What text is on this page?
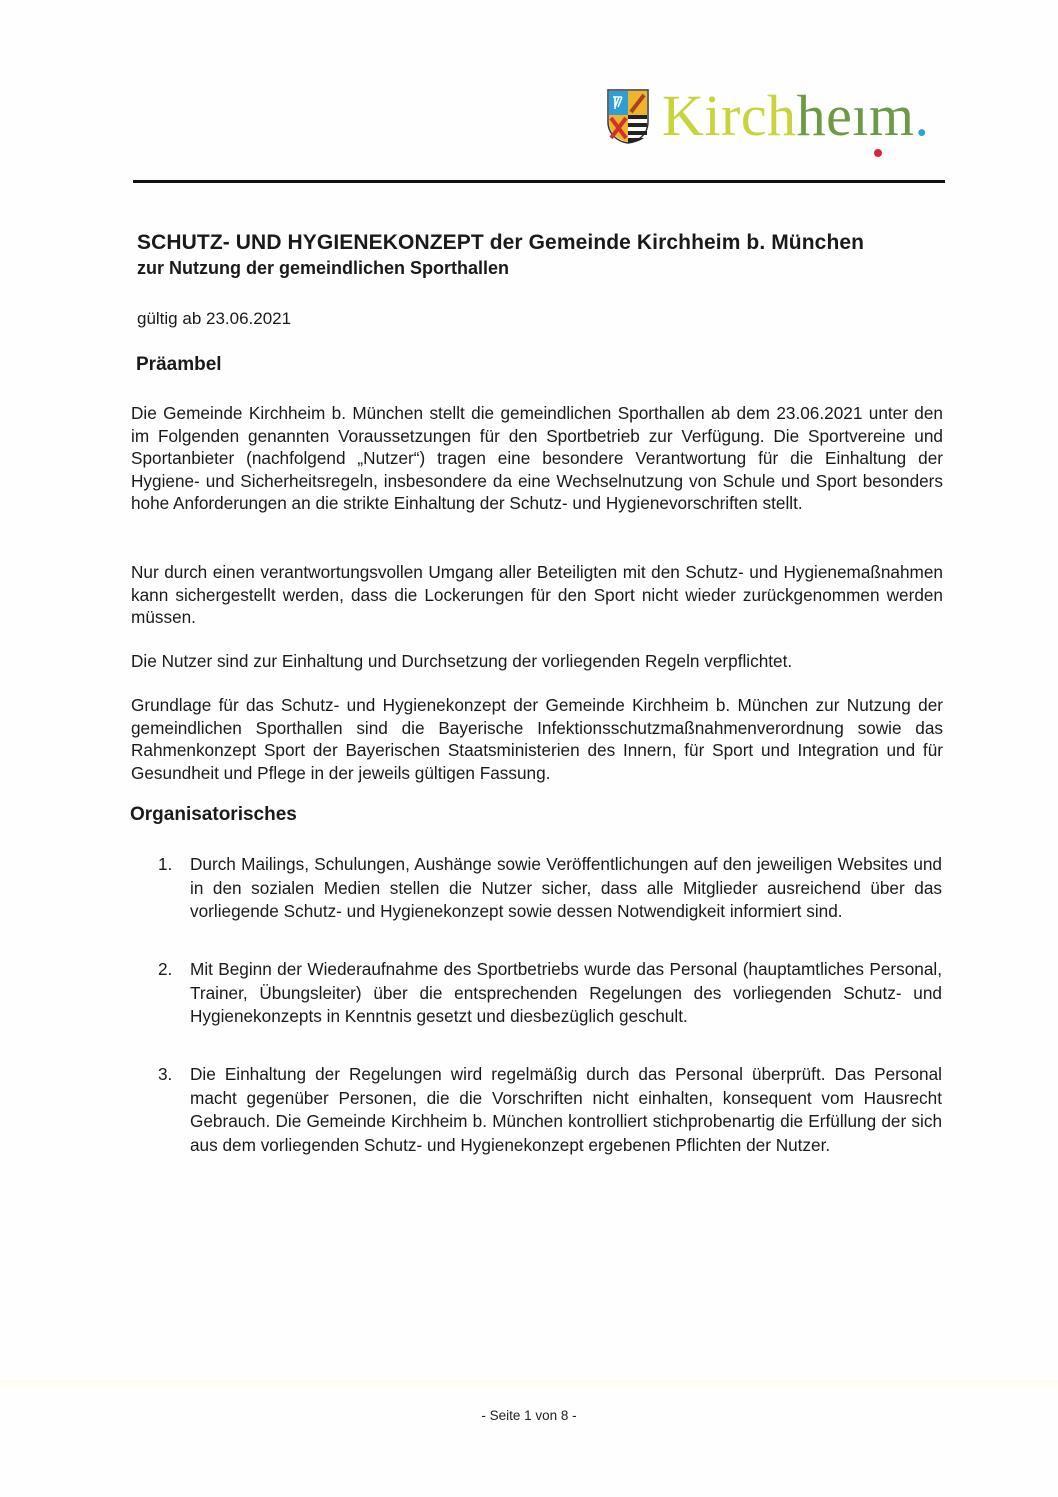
Kirchheım.
SCHUTZ- UND HYGIENEKONZEPT der Gemeinde Kirchheim b. München
zur Nutzung der gemeindlichen Sporthallen
gültig ab 23.06.2021
Präambel
Die Gemeinde Kirchheim b. München stellt die gemeindlichen Sporthallen ab dem 23.06.2021 unter den im Folgenden genannten Voraussetzungen für den Sportbetrieb zur Verfügung. Die Sportvereine und Sportanbieter (nachfolgend „Nutzer“) tragen eine besondere Verantwortung für die Einhaltung der Hygiene- und Sicherheitsregeln, insbesondere da eine Wechselnutzung von Schule und Sport besonders hohe Anforderungen an die strikte Einhaltung der Schutz- und Hygienevorschriften stellt.
Nur durch einen verantwortungsvollen Umgang aller Beteiligten mit den Schutz- und Hygienemaßnahmen kann sichergestellt werden, dass die Lockerungen für den Sport nicht wieder zurückgenommen werden müssen.
Die Nutzer sind zur Einhaltung und Durchsetzung der vorliegenden Regeln verpflichtet.
Grundlage für das Schutz- und Hygienekonzept der Gemeinde Kirchheim b. München zur Nutzung der gemeindlichen Sporthallen sind die Bayerische Infektionsschutzmaßnahmenverordnung sowie das Rahmenkonzept Sport der Bayerischen Staatsministerien des Innern, für Sport und Integration und für Gesundheit und Pflege in der jeweils gültigen Fassung.
Organisatorisches
1. Durch Mailings, Schulungen, Aushänge sowie Veröffentlichungen auf den jeweiligen Websites und in den sozialen Medien stellen die Nutzer sicher, dass alle Mitglieder ausreichend über das vorliegende Schutz- und Hygienekonzept sowie dessen Notwendigkeit informiert sind.
2. Mit Beginn der Wiederaufnahme des Sportbetriebs wurde das Personal (hauptamtliches Personal, Trainer, Übungsleiter) über die entsprechenden Regelungen des vorliegenden Schutz- und Hygienekonzepts in Kenntnis gesetzt und diesbezüglich geschult.
3. Die Einhaltung der Regelungen wird regelmäßig durch das Personal überprüft. Das Personal macht gegenüber Personen, die die Vorschriften nicht einhalten, konsequent vom Hausrecht Gebrauch. Die Gemeinde Kirchheim b. München kontrolliert stichprobenartig die Erfüllung der sich aus dem vorliegenden Schutz- und Hygienekonzept ergebenen Pflichten der Nutzer.
- Seite 1 von 8 -
